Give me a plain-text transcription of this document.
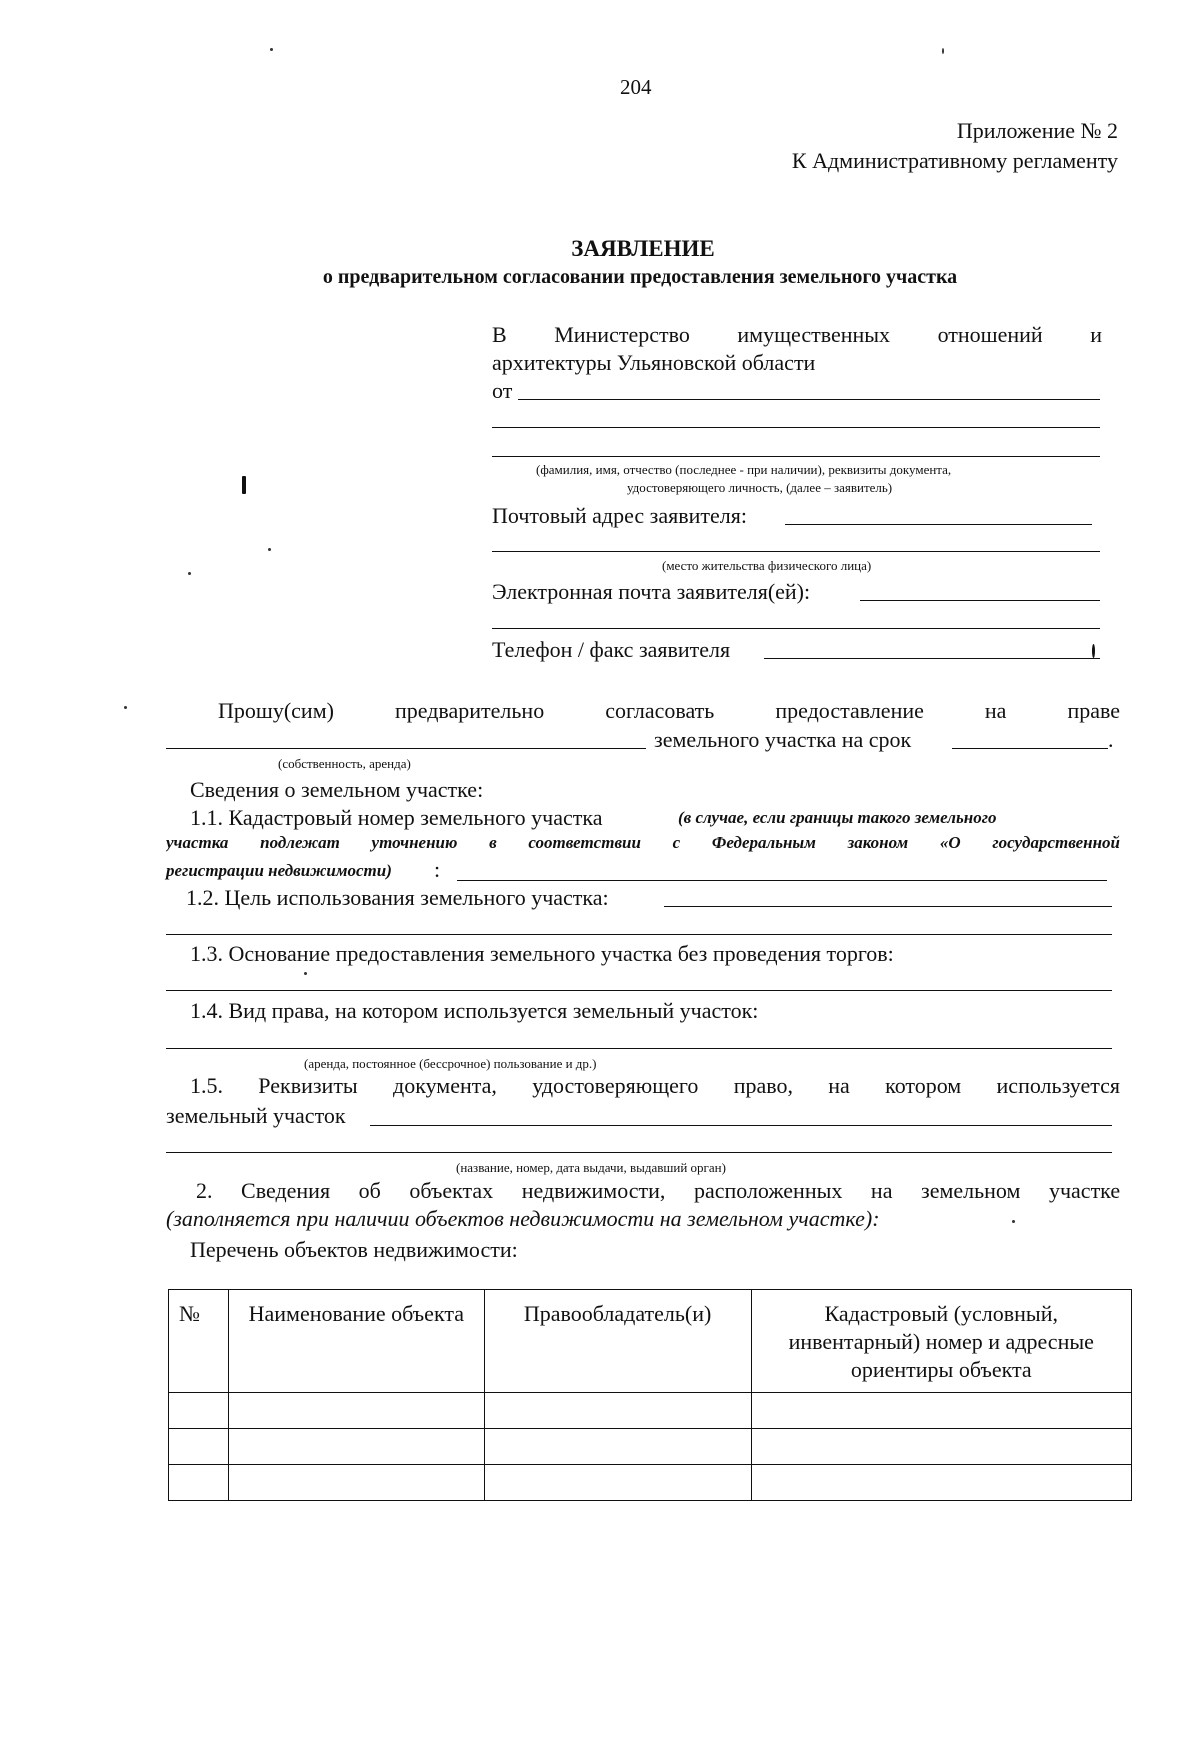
204
Приложение № 2
К Административному регламенту
ЗАЯВЛЕНИЕ
о предварительном согласовании предоставления земельного участка
В Министерство имущественных отношений и
архитектуры Ульяновской области
от
(фамилия, имя, отчество (последнее - при наличии), реквизиты документа,
удостоверяющего личность, (далее – заявитель)
Почтовый адрес заявителя:
(место жительства физического лица)
Электронная почта заявителя(ей):
Телефон / факс заявителя
Прошу(сим)	предварительно	согласовать	предоставление	на	праве
земельного участка на срок	.
(собственность, аренда)
Сведения о земельном участке:
1.1. Кадастровый номер земельного участка	(в случае, если границы такого земельного
участка подлежат уточнению в соответствии с Федеральным законом «О государственной
регистрации недвижимости) :
1.2. Цель использования земельного участка:
1.3. Основание предоставления земельного участка без проведения торгов:
1.4. Вид права, на котором используется земельный участок:
(аренда, постоянное (бессрочное) пользование и др.)
1.5. Реквизиты документа, удостоверяющего право, на котором используется
земельный участок
(название, номер, дата выдачи, выдавший орган)
2. Сведения об объектах недвижимости, расположенных на земельном участке
(заполняется при наличии объектов недвижимости на земельном участке):
Перечень объектов недвижимости:
№	Наименование объекта	Правообладатель(и)	Кадастровый (условный, инвентарный) номер и адресные ориентиры объекта
